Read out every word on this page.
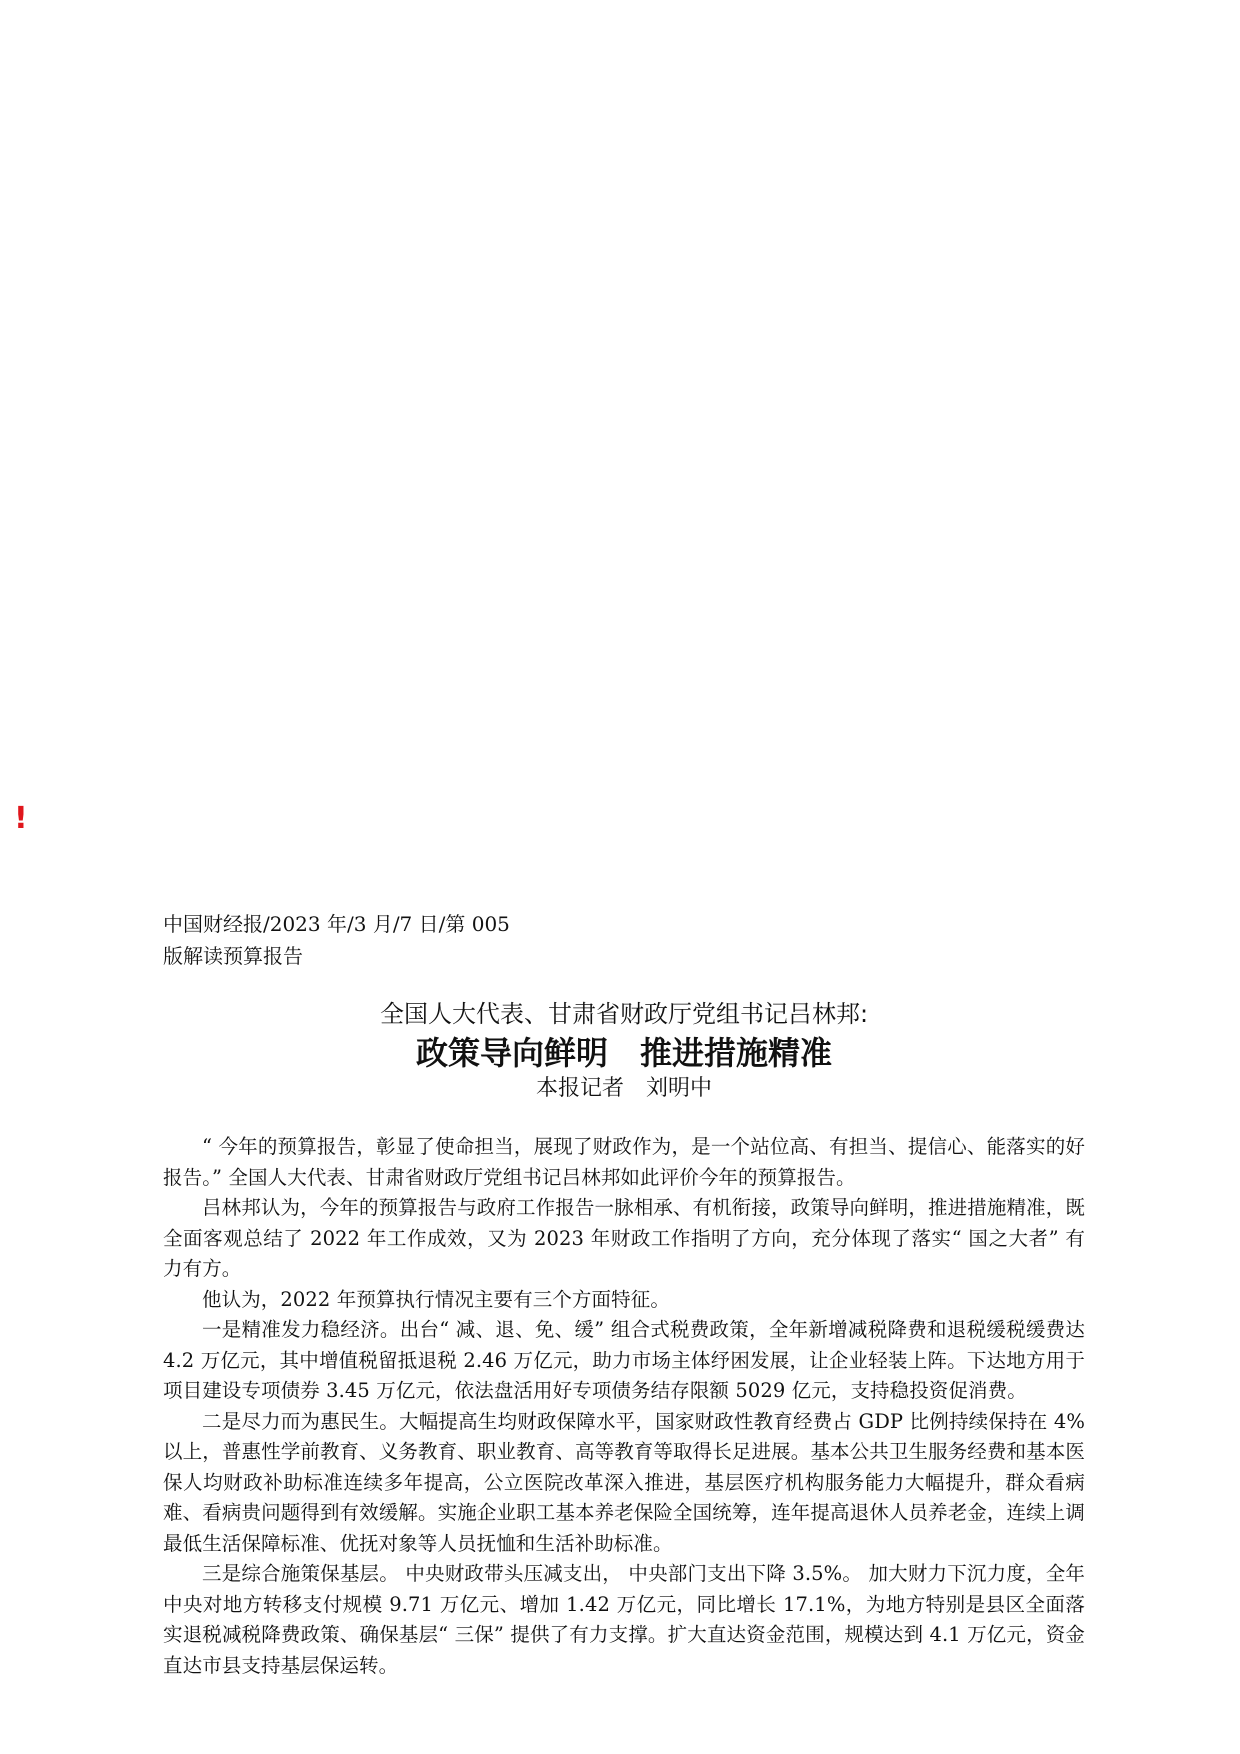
!
中国财经报/2023 年/3 月/7 日/第 005
版解读预算报告
全国人大代表、甘肃省财政厅党组书记吕林邦:
政策导向鲜明　推进措施精准
本报记者　刘明中

“ 今年的预算报告，彰显了使命担当，展现了财政作为，是一个站位高、有担当、提信心、能落实的好报告。” 全国人大代表、甘肃省财政厅党组书记吕林邦如此评价今年的预算报告。

吕林邦认为，今年的预算报告与政府工作报告一脉相承、有机衔接，政策导向鲜明，推进措施精准，既全面客观总结了 2022 年工作成效，又为 2023 年财政工作指明了方向，充分体现了落实“ 国之大者” 有力有方。

他认为，2022 年预算执行情况主要有三个方面特征。

一是精准发力稳经济。出台“ 减、退、免、缓” 组合式税费政策，全年新增减税降费和退税缓税缓费达 4.2 万亿元，其中增值税留抵退税 2.46 万亿元，助力市场主体纾困发展，让企业轻装上阵。下达地方用于项目建设专项债券 3.45 万亿元，依法盘活用好专项债务结存限额 5029 亿元，支持稳投资促消费。

二是尽力而为惠民生。大幅提高生均财政保障水平，国家财政性教育经费占 GDP 比例持续保持在 4%以上，普惠性学前教育、义务教育、职业教育、高等教育等取得长足进展。基本公共卫生服务经费和基本医保人均财政补助标准连续多年提高，公立医院改革深入推进，基层医疗机构服务能力大幅提升，群众看病难、看病贵问题得到有效缓解。实施企业职工基本养老保险全国统筹，连年提高退休人员养老金，连续上调最低生活保障标准、优抚对象等人员抚恤和生活补助标准。

三是综合施策保基层。 中央财政带头压减支出， 中央部门支出下降 3.5%。 加大财力下沉力度，全年中央对地方转移支付规模 9.71 万亿元、增加 1.42 万亿元，同比增长 17.1%，为地方特别是县区全面落实退税减税降费政策、确保基层“ 三保” 提供了有力支撑。扩大直达资金范围，规模达到 4.1 万亿元，资金直达市县支持基层保运转。
